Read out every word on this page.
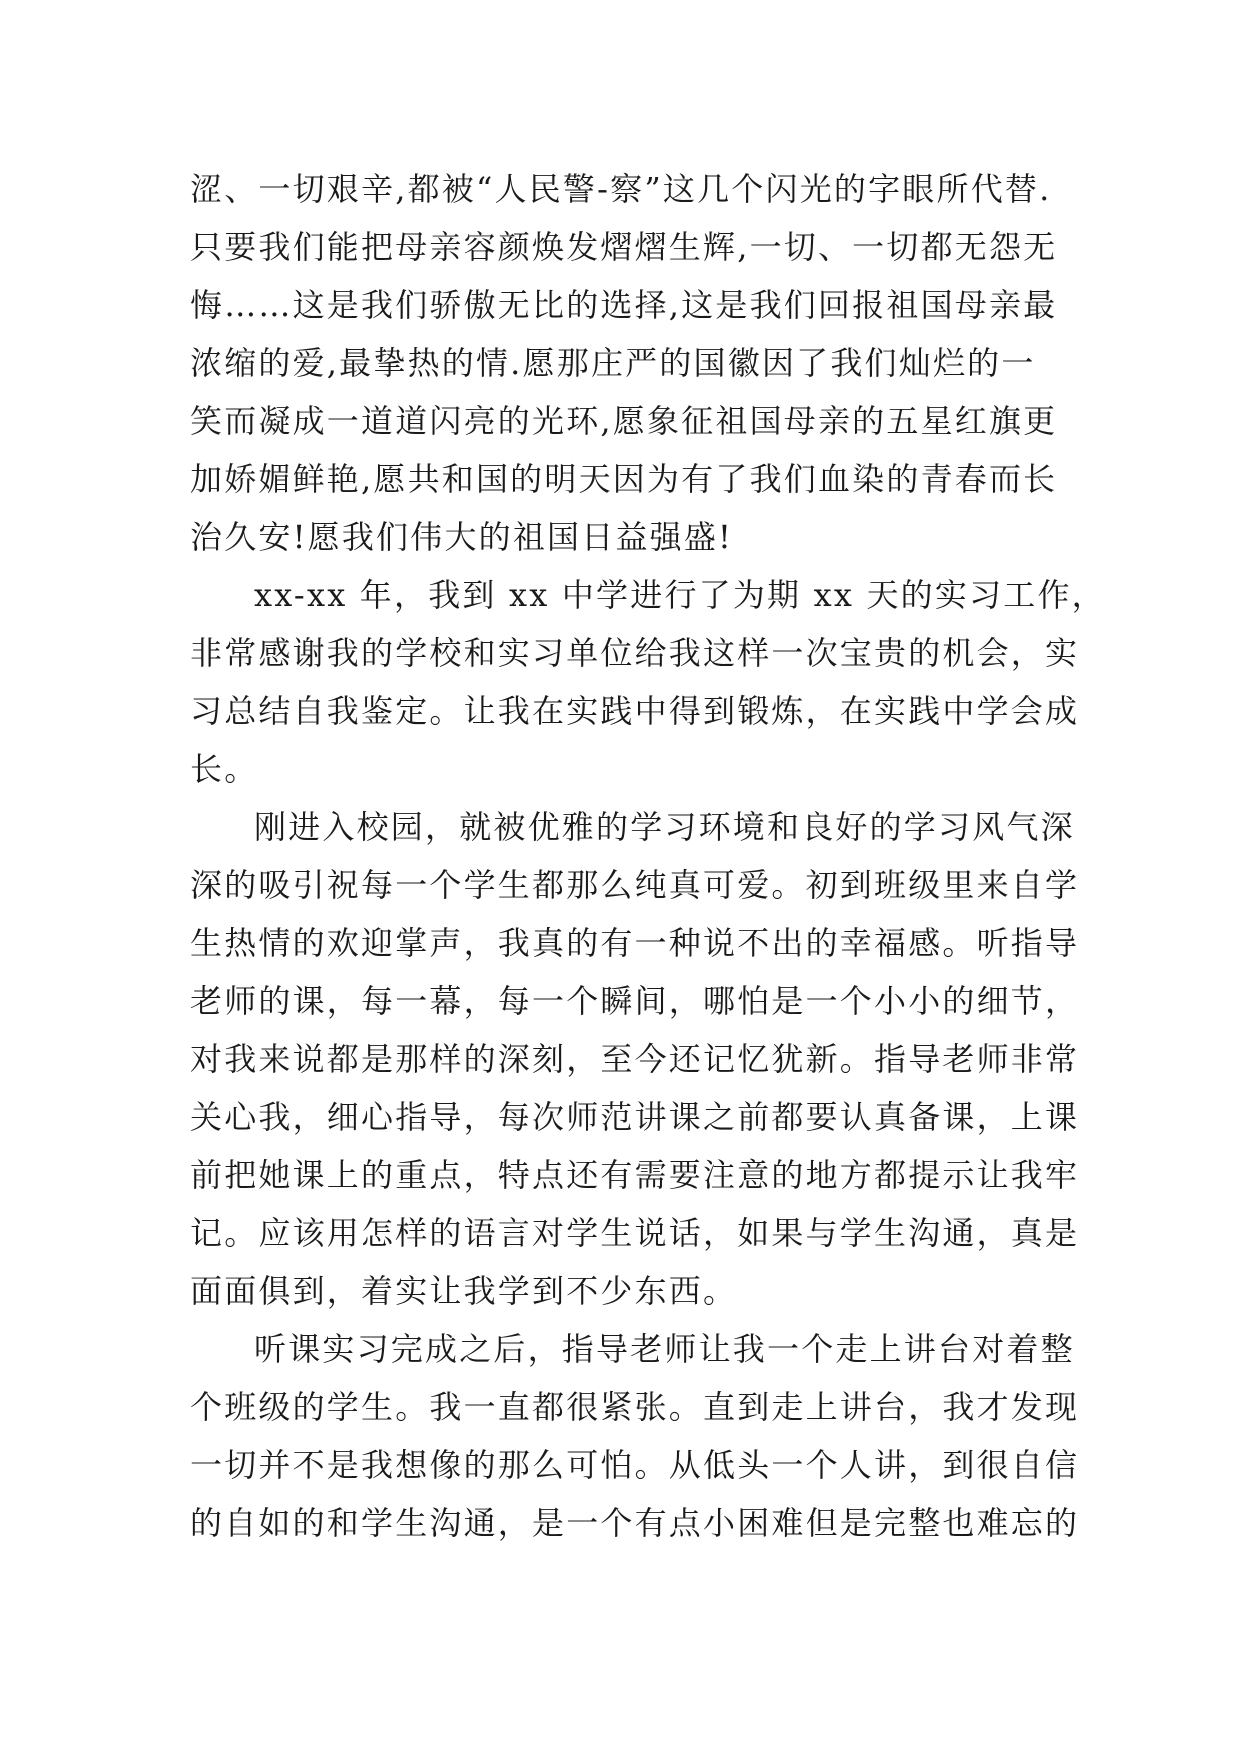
涩、一切艰辛,都被“人民警-察”这几个闪光的字眼所代替.
只要我们能把母亲容颜焕发熠熠生辉,一切、一切都无怨无
悔……这是我们骄傲无比的选择,这是我们回报祖国母亲最
浓缩的爱,最挚热的情.愿那庄严的国徽因了我们灿烂的一
笑而凝成一道道闪亮的光环,愿象征祖国母亲的五星红旗更
加娇媚鲜艳,愿共和国的明天因为有了我们血染的青春而长
治久安!愿我们伟大的祖国日益强盛!
xx-xx 年，我到 xx 中学进行了为期 xx 天的实习工作，
非常感谢我的学校和实习单位给我这样一次宝贵的机会，实
习总结自我鉴定。让我在实践中得到锻炼，在实践中学会成
长。
刚进入校园，就被优雅的学习环境和良好的学习风气深
深的吸引祝每一个学生都那么纯真可爱。初到班级里来自学
生热情的欢迎掌声，我真的有一种说不出的幸福感。听指导
老师的课，每一幕，每一个瞬间，哪怕是一个小小的细节，
对我来说都是那样的深刻，至今还记忆犹新。指导老师非常
关心我，细心指导，每次师范讲课之前都要认真备课，上课
前把她课上的重点，特点还有需要注意的地方都提示让我牢
记。应该用怎样的语言对学生说话，如果与学生沟通，真是
面面俱到，着实让我学到不少东西。
听课实习完成之后，指导老师让我一个走上讲台对着整
个班级的学生。我一直都很紧张。直到走上讲台，我才发现
一切并不是我想像的那么可怕。从低头一个人讲，到很自信
的自如的和学生沟通，是一个有点小困难但是完整也难忘的
